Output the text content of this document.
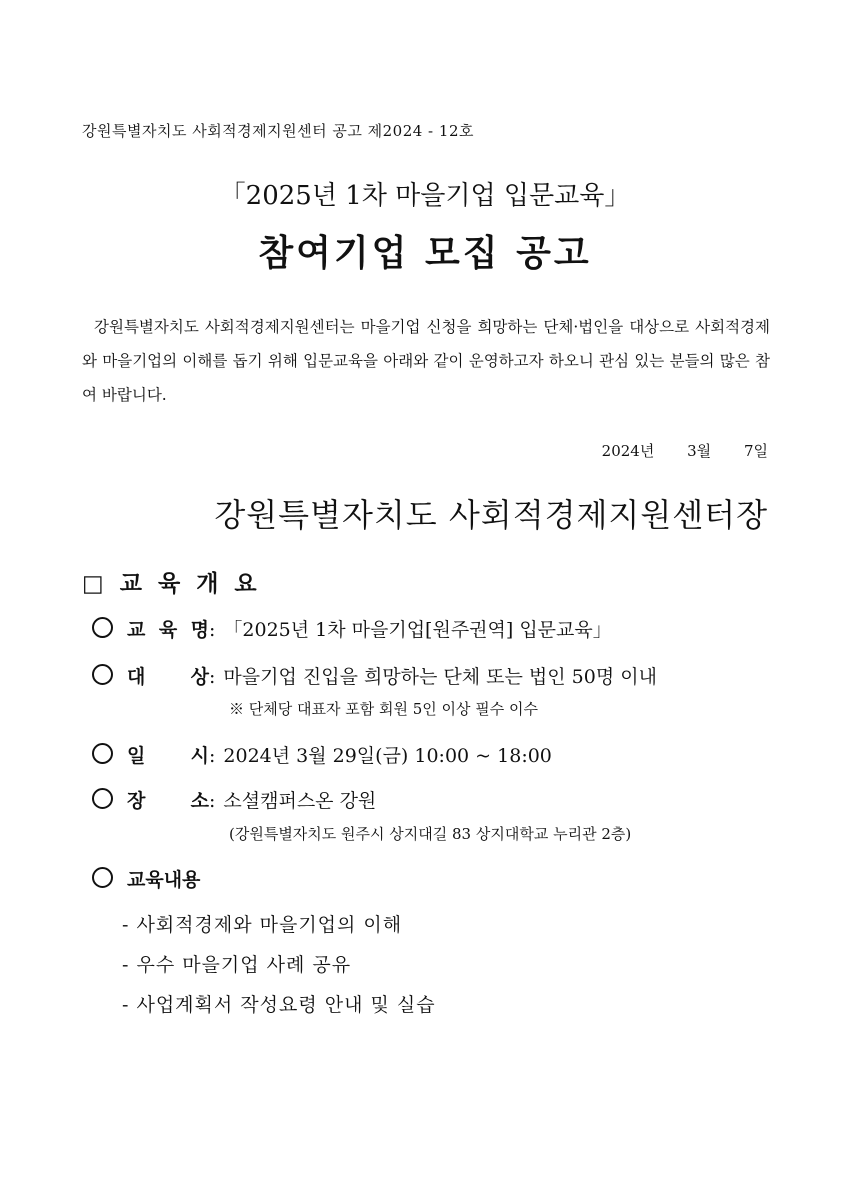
강원특별자치도 사회적경제지원센터 공고 제2024 - 12호
「2025년 1차 마을기업 입문교육」
참여기업 모집 공고
강원특별자치도 사회적경제지원센터는 마을기업 신청을 희망하는 단체·법인을 대상으로 사회적경제와 마을기업의 이해를 돕기 위해 입문교육을 아래와 같이 운영하고자 하오니 관심 있는 분들의 많은 참여 바랍니다.
2024년 3월 7일
강원특별자치도 사회적경제지원센터장
□ 교 육 개 요
교 육 명 : 「2025년 1차 마을기업[원주권역] 입문교육」
대 상 : 마을기업 진입을 희망하는 단체 또는 법인 50명 이내
※ 단체당 대표자 포함 회원 5인 이상 필수 이수
일 시 : 2024년 3월 29일(금) 10:00 ~ 18:00
장 소 : 소셜캠퍼스온 강원
(강원특별자치도 원주시 상지대길 83 상지대학교 누리관 2층)
교육내용
- 사회적경제와 마을기업의 이해
- 우수 마을기업 사례 공유
- 사업계획서 작성요령 안내 및 실습
